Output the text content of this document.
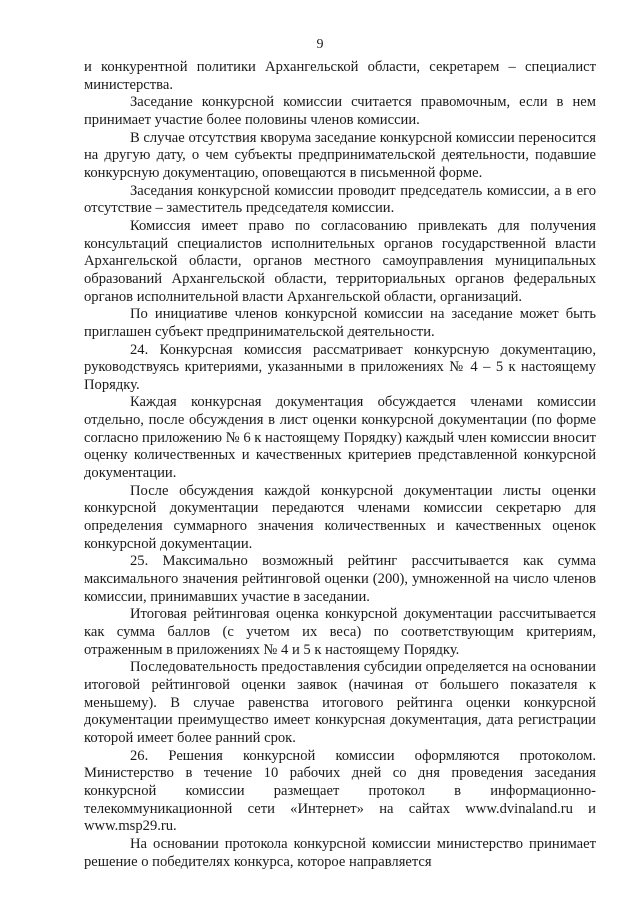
9

и конкурентной политики Архангельской области, секретарем – специалист министерства.

Заседание конкурсной комиссии считается правомочным, если в нем принимает участие более половины членов комиссии.

В случае отсутствия кворума заседание конкурсной комиссии переносится на другую дату, о чем субъекты предпринимательской деятельности, подавшие конкурсную документацию, оповещаются в письменной форме.

Заседания конкурсной комиссии проводит председатель комиссии, а в его отсутствие – заместитель председателя комиссии.

Комиссия имеет право по согласованию привлекать для получения консультаций специалистов исполнительных органов государственной власти Архангельской области, органов местного самоуправления муниципальных образований Архангельской области, территориальных органов федеральных органов исполнительной власти Архангельской области, организаций.

По инициативе членов конкурсной комиссии на заседание может быть приглашен субъект предпринимательской деятельности.

24. Конкурсная комиссия рассматривает конкурсную документацию, руководствуясь критериями, указанными в приложениях № 4 – 5 к настоящему Порядку.

Каждая конкурсная документация обсуждается членами комиссии отдельно, после обсуждения в лист оценки конкурсной документации (по форме согласно приложению № 6 к настоящему Порядку) каждый член комиссии вносит оценку количественных и качественных критериев представленной конкурсной документации.

После обсуждения каждой конкурсной документации листы оценки конкурсной документации передаются членами комиссии секретарю для определения суммарного значения количественных и качественных оценок конкурсной документации.

25. Максимально возможный рейтинг рассчитывается как сумма максимального значения рейтинговой оценки (200), умноженной на число членов комиссии, принимавших участие в заседании.

Итоговая рейтинговая оценка конкурсной документации рассчитывается как сумма баллов (с учетом их веса) по соответствующим критериям, отраженным в приложениях № 4 и 5 к настоящему Порядку.

Последовательность предоставления субсидии определяется на основании итоговой рейтинговой оценки заявок (начиная от большего показателя к меньшему). В случае равенства итогового рейтинга оценки конкурсной документации преимущество имеет конкурсная документация, дата регистрации которой имеет более ранний срок.

26. Решения конкурсной комиссии оформляются протоколом. Министерство в течение 10 рабочих дней со дня проведения заседания конкурсной комиссии размещает протокол в информационно-телекоммуникационной сети «Интернет» на сайтах www.dvinaland.ru и www.msp29.ru.

На основании протокола конкурсной комиссии министерство принимает решение о победителях конкурса, которое направляется
